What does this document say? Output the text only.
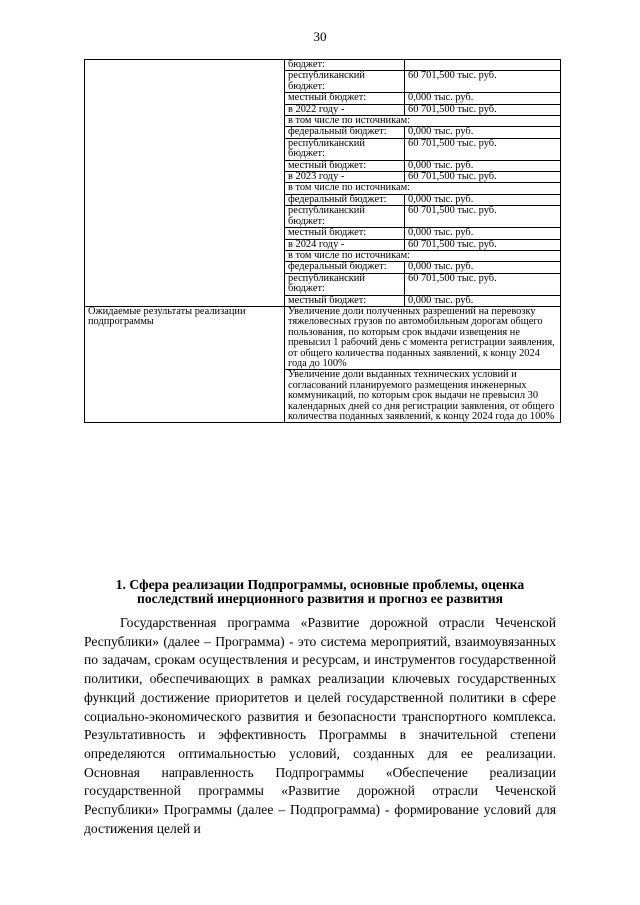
30
	бюджет:	
	республиканский бюджет:	60 701,500 тыс. руб.
	местный бюджет:	0,000 тыс. руб.
	в 2022 году -	60 701,500 тыс. руб.
	в том числе по источникам:	
	федеральный бюджет:	0,000 тыс. руб.
	республиканский бюджет:	60 701,500 тыс. руб.
	местный бюджет:	0,000 тыс. руб.
	в 2023 году -	60 701,500 тыс. руб.
	в том числе по источникам:	
	федеральный бюджет:	0,000 тыс. руб.
	республиканский бюджет:	60 701,500 тыс. руб.
	местный бюджет:	0,000 тыс. руб.
	в 2024 году -	60 701,500 тыс. руб.
	в том числе по источникам:	
	федеральный бюджет:	0,000 тыс. руб.
	республиканский бюджет:	60 701,500 тыс. руб.
	местный бюджет:	0,000 тыс. руб.
Ожидаемые результаты реализации подпрограммы	Увеличение доли полученных разрешений на перевозку тяжеловесных грузов по автомобильным дорогам общего пользования, по которым срок выдачи извещения не превысил 1 рабочий день с момента регистрации заявления, от общего количества поданных заявлений, к концу 2024 года до 100%	
	Увеличение доли выданных технических условий и согласований планируемого размещения инженерных коммуникаций, по которым срок выдачи не превысил 30 календарных дней со дня регистрации заявления, от общего количества поданных заявлений, к концу 2024 года до 100%	
1. Сфера реализации Подпрограммы, основные проблемы, оценка последствий инерционного развития и прогноз ее развития

Государственная программа «Развитие дорожной отрасли Чеченской Республики» (далее – Программа) - это система мероприятий, взаимоувязанных по задачам, срокам осуществления и ресурсам, и инструментов государственной политики, обеспечивающих в рамках реализации ключевых государственных функций достижение приоритетов и целей государственной политики в сфере социально-экономического развития и безопасности транспортного комплекса. Результативность и эффективность Программы в значительной степени определяются оптимальностью условий, созданных для ее реализации. Основная направленность Подпрограммы «Обеспечение реализации государственной программы «Развитие дорожной отрасли Чеченской Республики» Программы (далее – Подпрограмма) - формирование условий для достижения целей и
